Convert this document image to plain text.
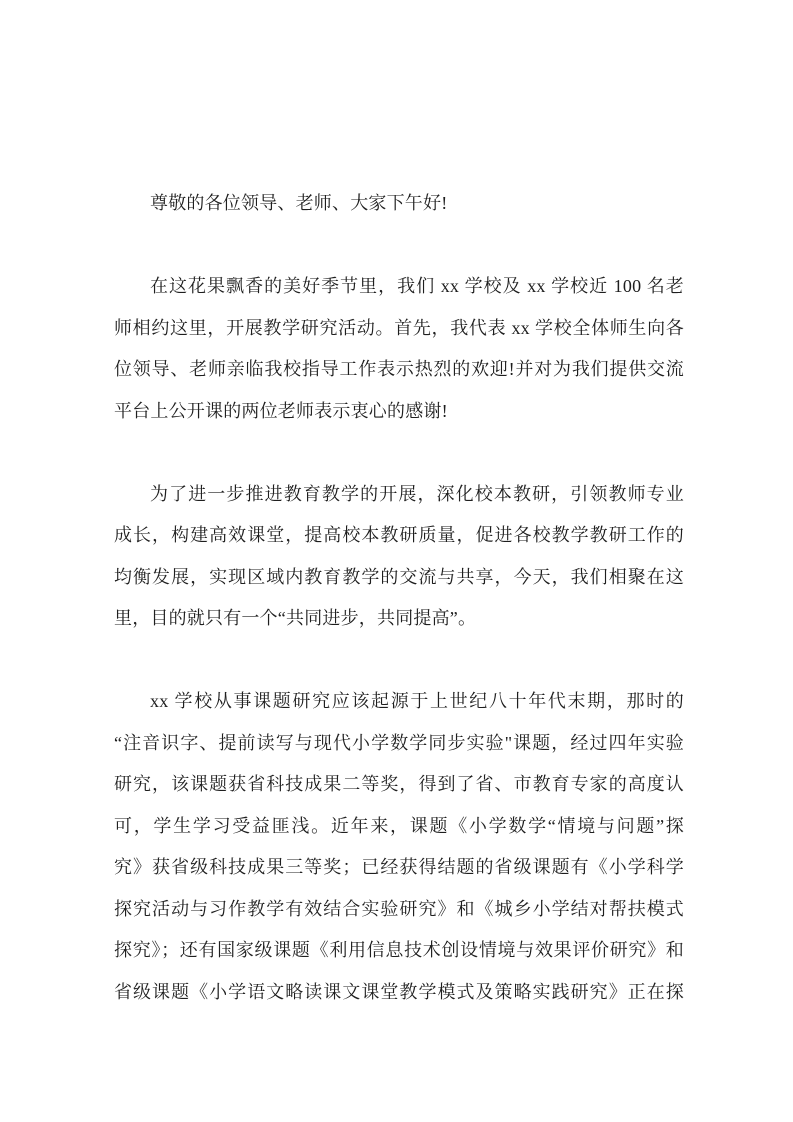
尊敬的各位领导、老师、大家下午好!
在这花果飘香的美好季节里，我们 xx 学校及 xx 学校近 100 名老
师相约这里，开展教学研究活动。首先，我代表 xx 学校全体师生向各
位领导、老师亲临我校指导工作表示热烈的欢迎!并对为我们提供交流
平台上公开课的两位老师表示衷心的感谢!
为了进一步推进教育教学的开展，深化校本教研，引领教师专业
成长，构建高效课堂，提高校本教研质量，促进各校教学教研工作的
均衡发展，实现区域内教育教学的交流与共享，今天，我们相聚在这
里，目的就只有一个“共同进步，共同提高”。
xx 学校从事课题研究应该起源于上世纪八十年代末期，那时的
“注音识字、提前读写与现代小学数学同步实验"课题，经过四年实验
研究，该课题获省科技成果二等奖，得到了省、市教育专家的高度认
可，学生学习受益匪浅。近年来，课题《小学数学“情境与问题”探
究》获省级科技成果三等奖；已经获得结题的省级课题有《小学科学
探究活动与习作教学有效结合实验研究》和《城乡小学结对帮扶模式
探究》；还有国家级课题《利用信息技术创设情境与效果评价研究》和
省级课题《小学语文略读课文课堂教学模式及策略实践研究》正在探
